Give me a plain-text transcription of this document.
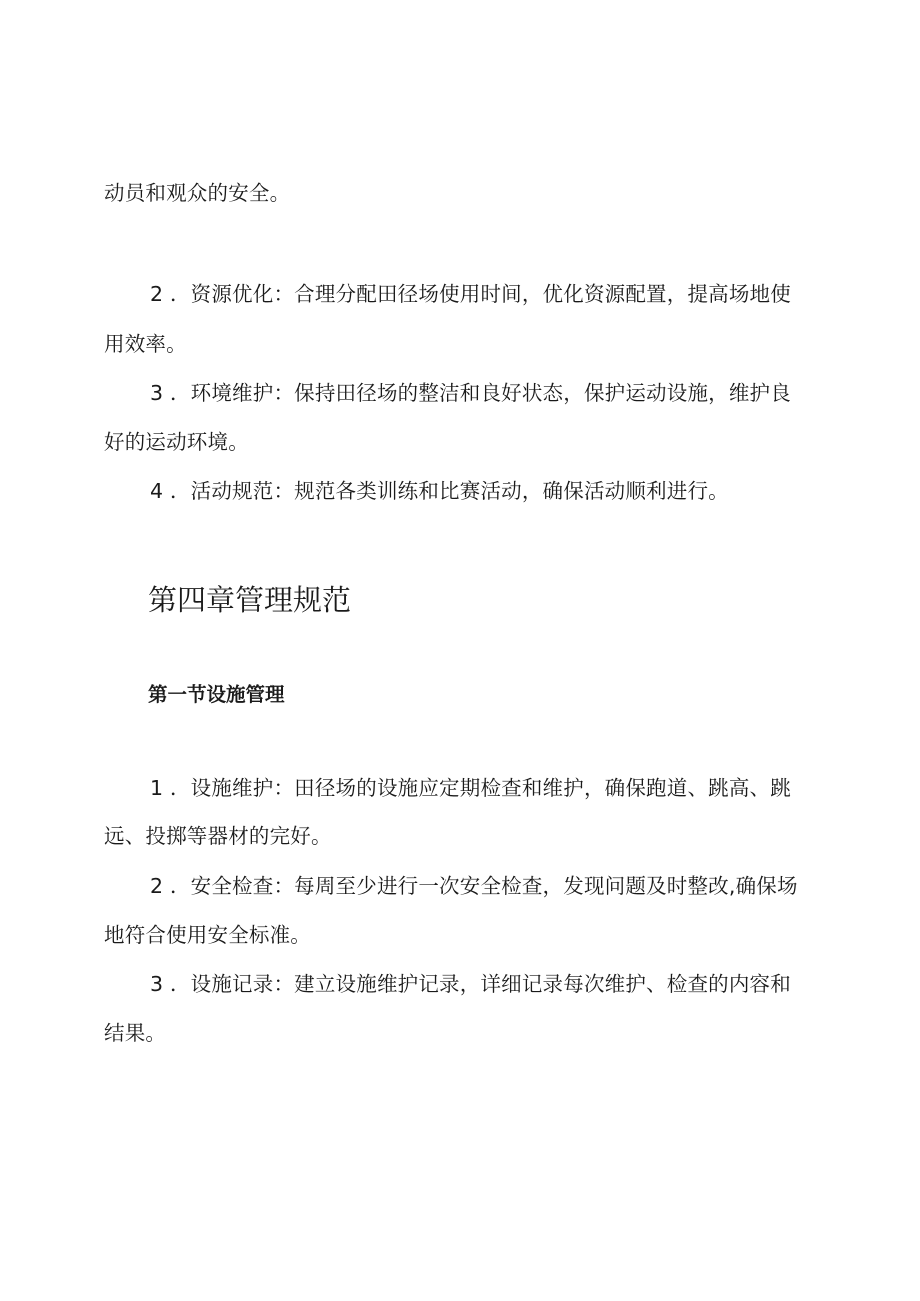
动员和观众的安全。

2 ．资源优化：合理分配田径场使用时间，优化资源配置，提高场地使

用效率。

3 ．环境维护：保持田径场的整洁和良好状态，保护运动设施，维护良

好的运动环境。

4 ．活动规范：规范各类训练和比赛活动，确保活动顺利进行。

第四章管理规范
第一节设施管理

1 ．设施维护：田径场的设施应定期检查和维护，确保跑道、跳高、跳

远、投掷等器材的完好。

2 ．安全检查：每周至少进行一次安全检查，发现问题及时整改,确保场

地符合使用安全标准。

3 ．设施记录：建立设施维护记录，详细记录每次维护、检查的内容和

结果。
